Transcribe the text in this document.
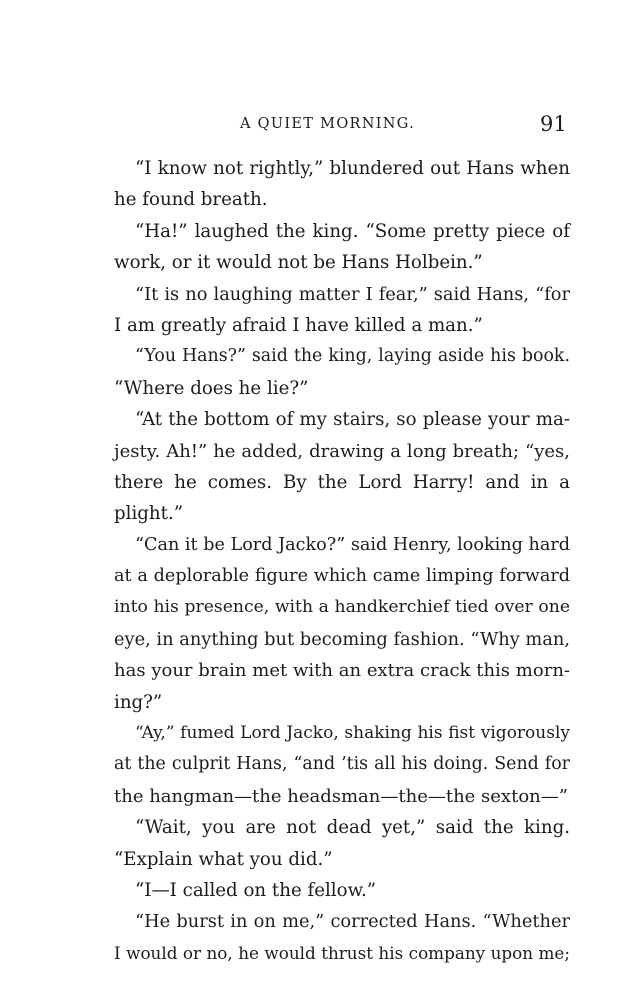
A QUIET MORNING.	91
“I know not rightly,” blundered out Hans when
he found breath.
“Ha!” laughed the king. “Some pretty piece of
work, or it would not be Hans Holbein.”
“It is no laughing matter I fear,” said Hans, “for
I am greatly afraid I have killed a man.”
“You Hans?” said the king, laying aside his book.
“Where does he lie?”
“At the bottom of my stairs, so please your ma-
jesty. Ah!” he added, drawing a long breath; “yes,
there he comes. By the Lord Harry! and in a
plight.”
“Can it be Lord Jacko?” said Henry, looking hard
at a deplorable figure which came limping forward
into his presence, with a handkerchief tied over one
eye, in anything but becoming fashion. “Why man,
has your brain met with an extra crack this morn-
ing?”
“Ay,” fumed Lord Jacko, shaking his fist vigorously
at the culprit Hans, “and ’tis all his doing. Send for
the hangman—the headsman—the—the sexton—”
“Wait, you are not dead yet,” said the king.
“Explain what you did.”
“I—I called on the fellow.”
“He burst in on me,” corrected Hans. “Whether
I would or no, he would thrust his company upon me;
